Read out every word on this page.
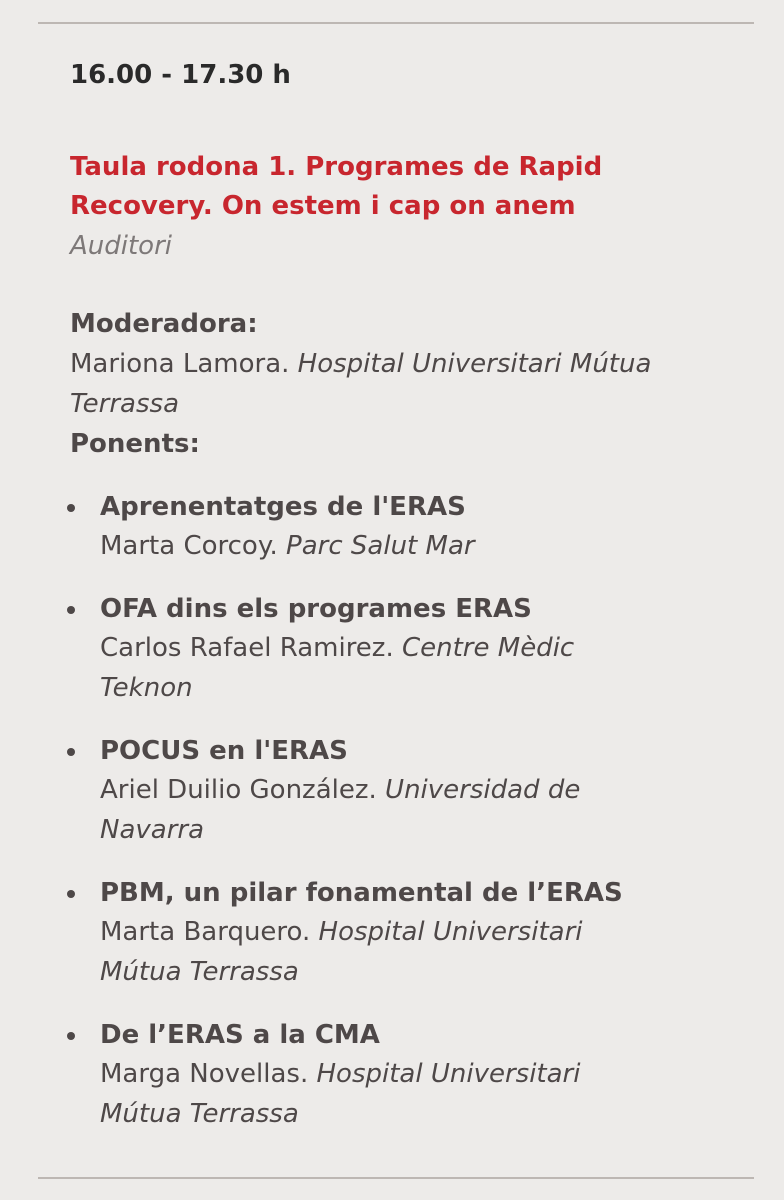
16.00 - 17.30 h
Taula rodona 1. Programes de Rapid
Recovery. On estem i cap on anem
Auditori
Moderadora:
Mariona Lamora. Hospital Universitari Mútua
Terrassa
Ponents:
Aprenentatges de l'ERAS
Marta Corcoy. Parc Salut Mar
OFA dins els programes ERAS
Carlos Rafael Ramirez. Centre Mèdic
Teknon
POCUS en l'ERAS
Ariel Duilio González. Universidad de
Navarra
PBM, un pilar fonamental de l’ERAS
Marta Barquero. Hospital Universitari
Mútua Terrassa
De l’ERAS a la CMA
Marga Novellas. Hospital Universitari
Mútua Terrassa
